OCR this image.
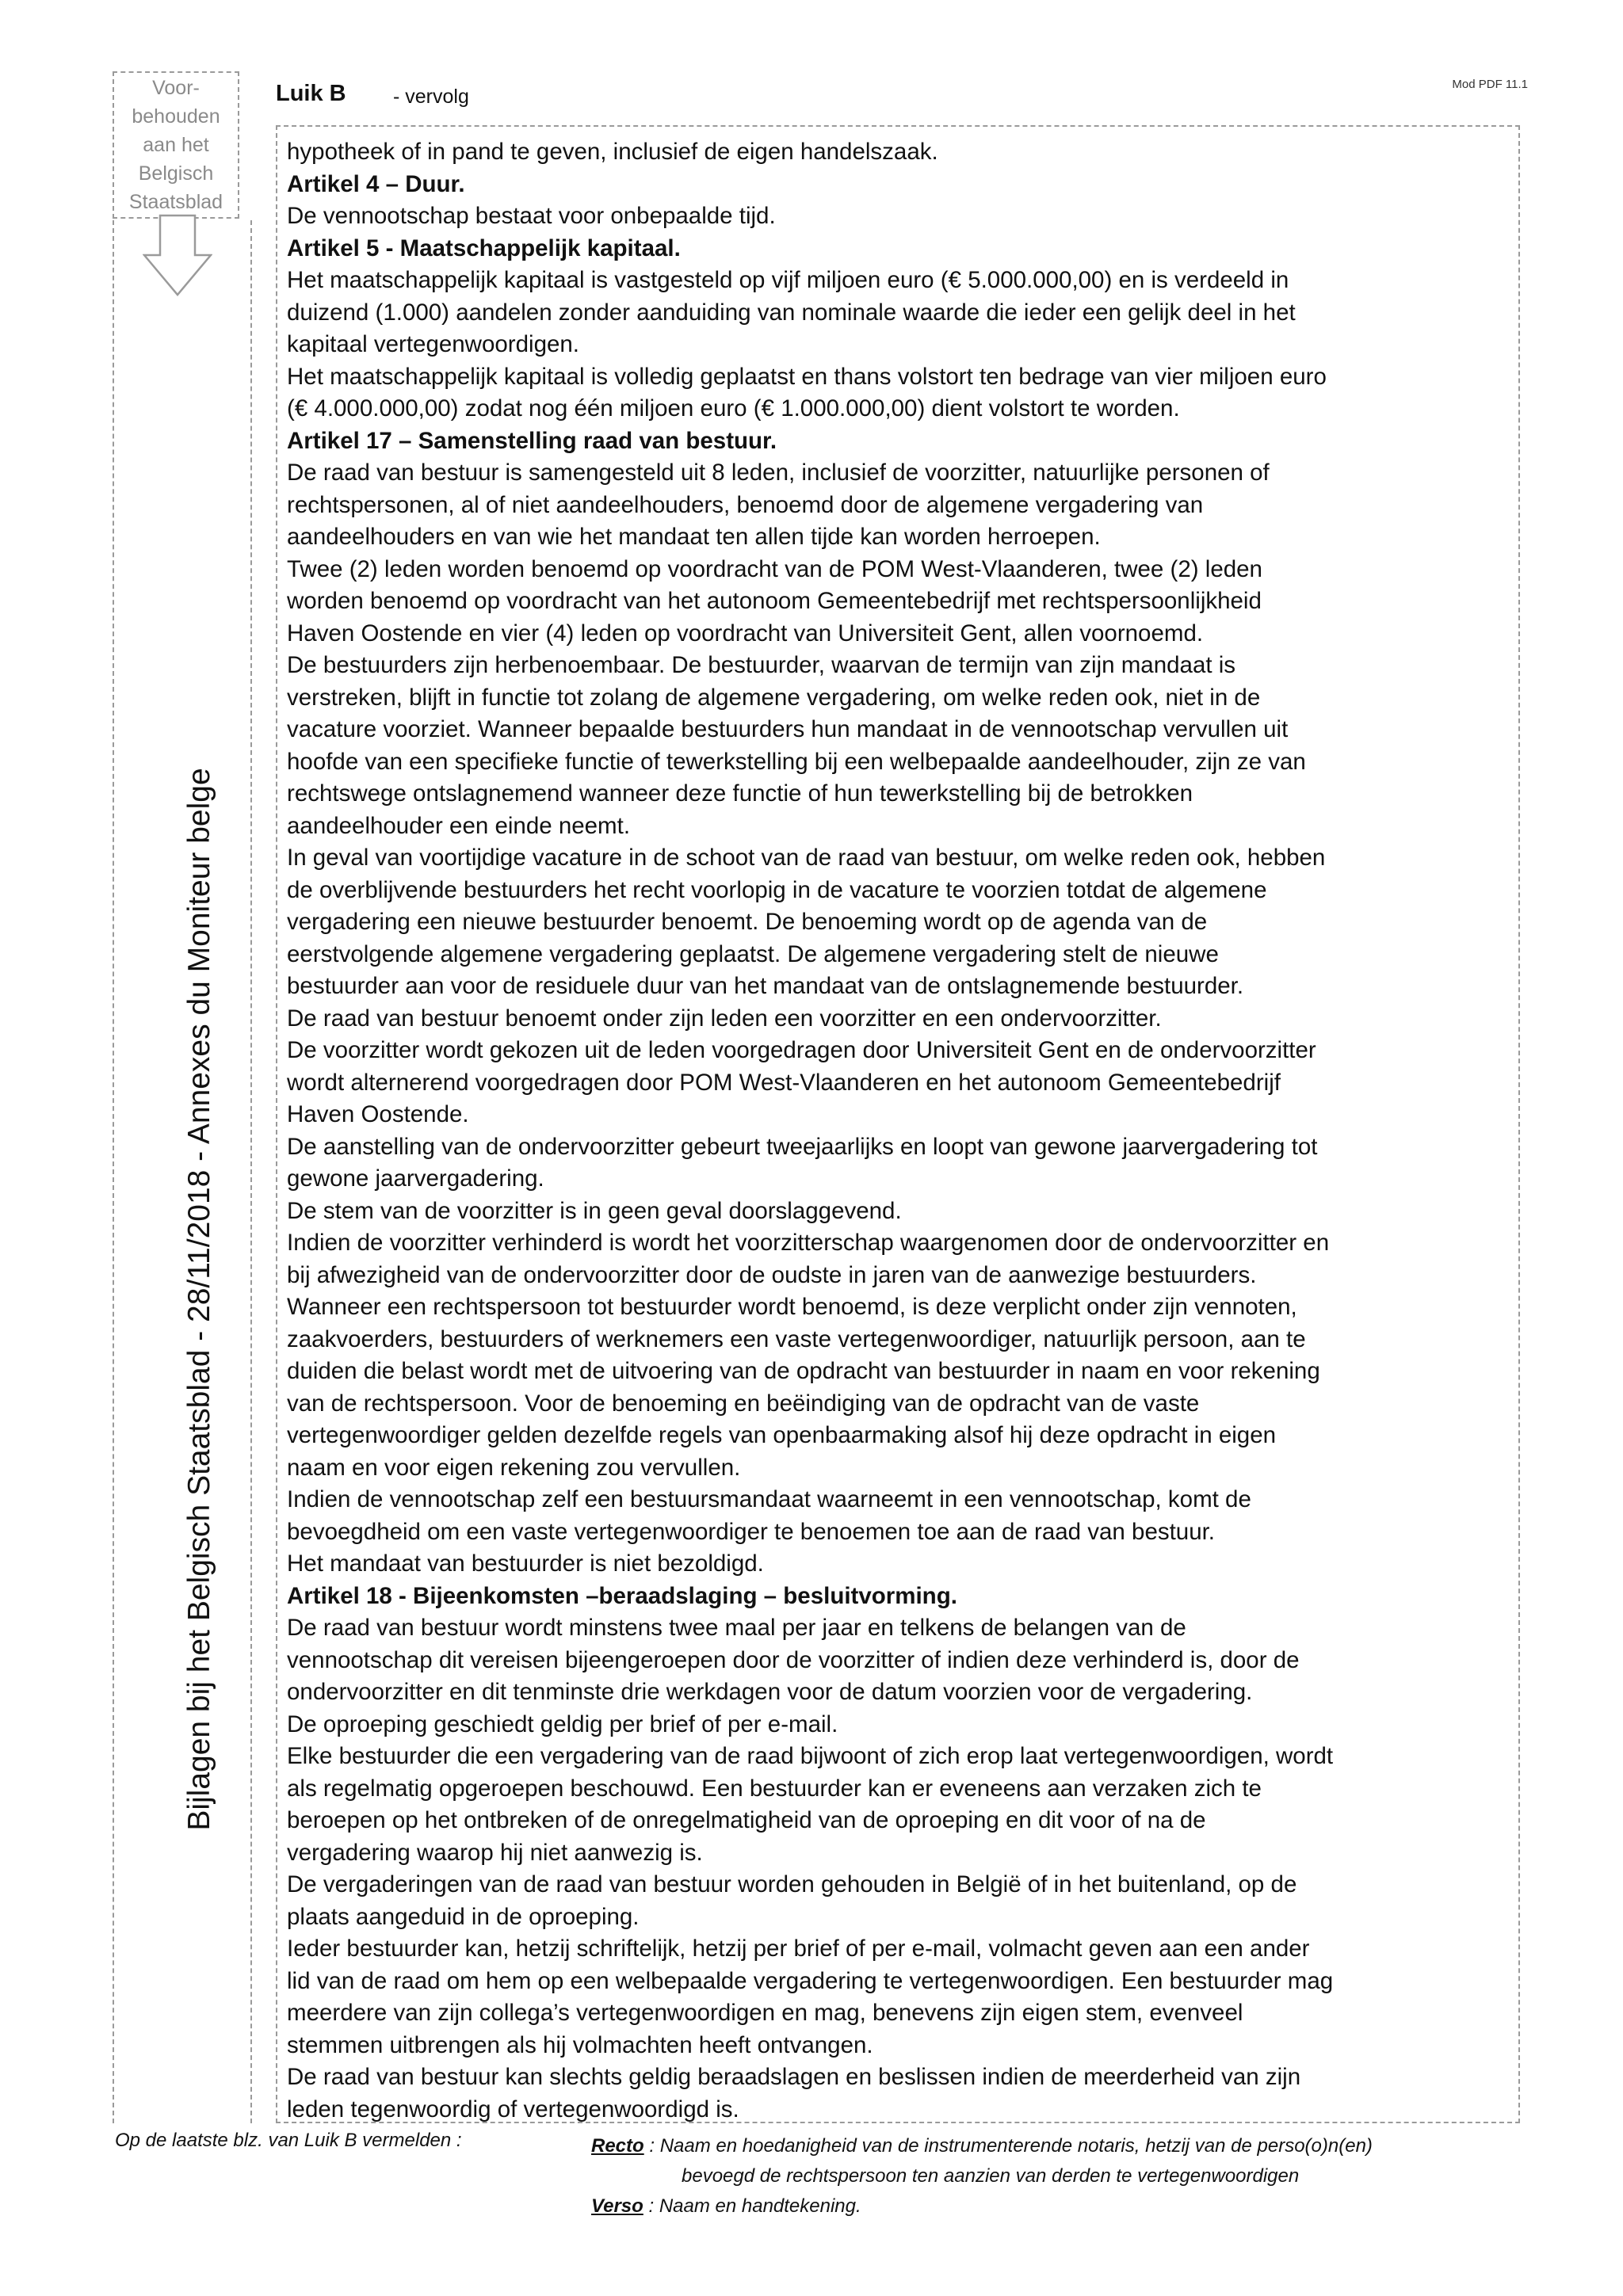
Voor-
behouden
aan het
Belgisch
Staatsblad
Bijlagen bij het Belgisch Staatsblad - 28/11/2018 - Annexes du Moniteur belge
Luik B - vervolg
Mod PDF 11.1
hypotheek of in pand te geven, inclusief de eigen handelszaak.
Artikel 4 – Duur.
De vennootschap bestaat voor onbepaalde tijd.
Artikel 5 - Maatschappelijk kapitaal.
Het maatschappelijk kapitaal is vastgesteld op vijf miljoen euro (€ 5.000.000,00) en is verdeeld in
duizend (1.000) aandelen zonder aanduiding van nominale waarde die ieder een gelijk deel in het
kapitaal vertegenwoordigen.
Het maatschappelijk kapitaal is volledig geplaatst en thans volstort ten bedrage van vier miljoen euro
(€ 4.000.000,00) zodat nog één miljoen euro (€ 1.000.000,00) dient volstort te worden.
Artikel 17 – Samenstelling raad van bestuur.
De raad van bestuur is samengesteld uit 8 leden, inclusief de voorzitter, natuurlijke personen of
rechtspersonen, al of niet aandeelhouders, benoemd door de algemene vergadering van
aandeelhouders en van wie het mandaat ten allen tijde kan worden herroepen.
Twee (2) leden worden benoemd op voordracht van de POM West-Vlaanderen, twee (2) leden
worden benoemd op voordracht van het autonoom Gemeentebedrijf met rechtspersoonlijkheid
Haven Oostende en vier (4) leden op voordracht van Universiteit Gent, allen voornoemd.
De bestuurders zijn herbenoembaar. De bestuurder, waarvan de termijn van zijn mandaat is
verstreken, blijft in functie tot zolang de algemene vergadering, om welke reden ook, niet in de
vacature voorziet. Wanneer bepaalde bestuurders hun mandaat in de vennootschap vervullen uit
hoofde van een specifieke functie of tewerkstelling bij een welbepaalde aandeelhouder, zijn ze van
rechtswege ontslagnemend wanneer deze functie of hun tewerkstelling bij de betrokken
aandeelhouder een einde neemt.
In geval van voortijdige vacature in de schoot van de raad van bestuur, om welke reden ook, hebben
de overblijvende bestuurders het recht voorlopig in de vacature te voorzien totdat de algemene
vergadering een nieuwe bestuurder benoemt. De benoeming wordt op de agenda van de
eerstvolgende algemene vergadering geplaatst. De algemene vergadering stelt de nieuwe
bestuurder aan voor de residuele duur van het mandaat van de ontslagnemende bestuurder.
De raad van bestuur benoemt onder zijn leden een voorzitter en een ondervoorzitter.
De voorzitter wordt gekozen uit de leden voorgedragen door Universiteit Gent en de ondervoorzitter
wordt alternerend voorgedragen door POM West-Vlaanderen en het autonoom Gemeentebedrijf
Haven Oostende.
De aanstelling van de ondervoorzitter gebeurt tweejaarlijks en loopt van gewone jaarvergadering tot
gewone jaarvergadering.
De stem van de voorzitter is in geen geval doorslaggevend.
Indien de voorzitter verhinderd is wordt het voorzitterschap waargenomen door de ondervoorzitter en
bij afwezigheid van de ondervoorzitter door de oudste in jaren van de aanwezige bestuurders.
Wanneer een rechtspersoon tot bestuurder wordt benoemd, is deze verplicht onder zijn vennoten,
zaakvoerders, bestuurders of werknemers een vaste vertegenwoordiger, natuurlijk persoon, aan te
duiden die belast wordt met de uitvoering van de opdracht van bestuurder in naam en voor rekening
van de rechtspersoon. Voor de benoeming en beëindiging van de opdracht van de vaste
vertegenwoordiger gelden dezelfde regels van openbaarmaking alsof hij deze opdracht in eigen
naam en voor eigen rekening zou vervullen.
Indien de vennootschap zelf een bestuursmandaat waarneemt in een vennootschap, komt de
bevoegdheid om een vaste vertegenwoordiger te benoemen toe aan de raad van bestuur.
Het mandaat van bestuurder is niet bezoldigd.
Artikel 18 - Bijeenkomsten –beraadslaging – besluitvorming.
De raad van bestuur wordt minstens twee maal per jaar en telkens de belangen van de
vennootschap dit vereisen bijeengeroepen door de voorzitter of indien deze verhinderd is, door de
ondervoorzitter en dit tenminste drie werkdagen voor de datum voorzien voor de vergadering.
De oproeping geschiedt geldig per brief of per e-mail.
Elke bestuurder die een vergadering van de raad bijwoont of zich erop laat vertegenwoordigen, wordt
als regelmatig opgeroepen beschouwd. Een bestuurder kan er eveneens aan verzaken zich te
beroepen op het ontbreken of de onregelmatigheid van de oproeping en dit voor of na de
vergadering waarop hij niet aanwezig is.
De vergaderingen van de raad van bestuur worden gehouden in België of in het buitenland, op de
plaats aangeduid in de oproeping.
Ieder bestuurder kan, hetzij schriftelijk, hetzij per brief of per e-mail, volmacht geven aan een ander
lid van de raad om hem op een welbepaalde vergadering te vertegenwoordigen. Een bestuurder mag
meerdere van zijn collega’s vertegenwoordigen en mag, benevens zijn eigen stem, evenveel
stemmen uitbrengen als hij volmachten heeft ontvangen.
De raad van bestuur kan slechts geldig beraadslagen en beslissen indien de meerderheid van zijn
leden tegenwoordig of vertegenwoordigd is.
Op de laatste blz. van Luik B vermelden :	Recto : Naam en hoedanigheid van de instrumenterende notaris, hetzij van de perso(o)n(en)
bevoegd de rechtspersoon ten aanzien van derden te vertegenwoordigen
Verso : Naam en handtekening.
